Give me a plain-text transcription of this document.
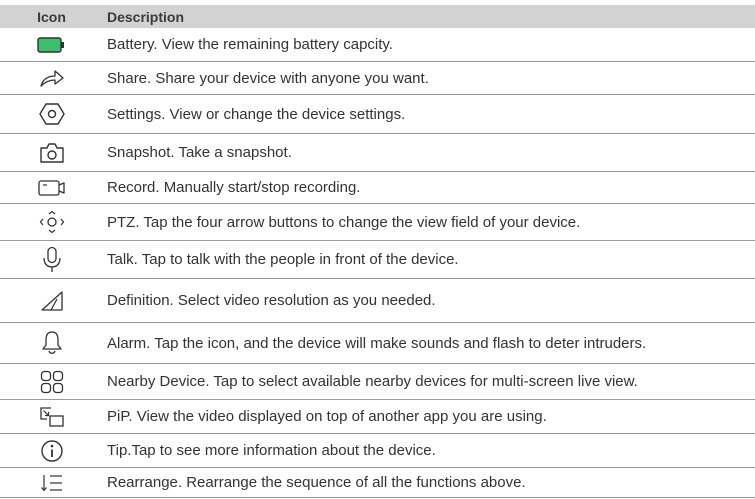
Icon	Description
Battery. View the remaining battery capcity.
Share. Share your device with anyone you want.
Settings. View or change the device settings.
Snapshot. Take a snapshot.
Record. Manually start/stop recording.
PTZ. Tap the four arrow buttons to change the view field of your device.
Talk. Tap to talk with the people in front of the device.
Definition. Select video resolution as you needed.
Alarm. Tap the icon, and the device will make sounds and flash to deter intruders.
Nearby Device. Tap to select available nearby devices for multi-screen live view.
PiP. View the video displayed on top of another app you are using.
Tip.Tap to see more information about the device.
Rearrange. Rearrange the sequence of all the functions above.
